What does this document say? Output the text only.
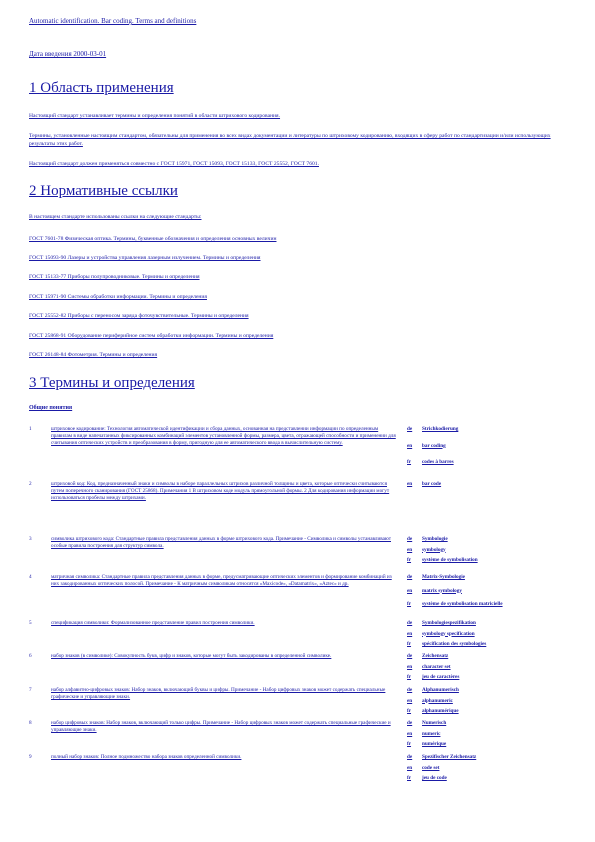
Automatic identification. Bar coding. Terms and definitions
Дата введения 2000-03-01
1 Область применения
Настоящий стандарт устанавливает термины и определения понятий в области штрихового кодирования.
Термины, установленные настоящим стандартом, обязательны для применения во всех видах документации и литературы по штриховому кодированию, входящих в сферу работ по стандартизации и/или использующих результаты этих работ.
Настоящий стандарт должен применяться совместно с ГОСТ 15971, ГОСТ 15093, ГОСТ 15133, ГОСТ 25552, ГОСТ 7601.
2 Нормативные ссылки
В настоящем стандарте использованы ссылки на следующие стандарты:
ГОСТ 7601-78 Физическая оптика. Термины, буквенные обозначения и определения основных величин
ГОСТ 15093-90 Лазеры и устройства управления лазерным излучением. Термины и определения
ГОСТ 15133-77 Приборы полупроводниковые. Термины и определения
ГОСТ 15971-90 Системы обработки информации. Термины и определения
ГОСТ 25552-82 Приборы с переносом заряда фоточувствительные. Термины и определения
ГОСТ 25868-91 Оборудование периферийное систем обработки информации. Термины и определения
ГОСТ 26148-84 Фотометрия. Термины и определения
3 Термины и определения
Общие понятия
1	штриховое кодирование: Технология автоматической идентификации и сбора данных, основанная на представлении информации по определенным правилам в виде напечатанных фиксированных комбинаций элементов установленной формы, размера, цвета, отражающей способности и применении для считывания оптических устройств и преобразования в форму, пригодную для ее автоматического ввода в вычислительную систему.
de Strichkodierung
en bar coding
fr codes à barres
2	штриховой код: Код, предназначенный знаки и символы в наборе параллельных штрихов различной толщины и цвета, которые оптически считываются путем поперечного сканирования (ГОСТ 25868). Примечания 1 В штриховом коде модуль прямоугольной формы. 2 Для кодирования информации могут использоваться пробелы между штрихами.
en bar code
3	символика штрихового кода: Стандартные правила представления данных в форме штрихового кода. Примечание - Символика и символы устанавливают особые правила построения для структур символа.
de Symbologie
en symbology
fr système de symbolisation
4	матричная символика: Стандартные правила представления данных в форме, предусматривающие оптических элементов и формирование комбинаций из них закодированных оптических полосой. Примечание - К матричным символикам относятся «Maxicode», «Datamatrix», «Aztec» и др.
de Matrix-Symbologie
en matrix symbology
fr système de symbolisation matricielle
5	спецификация символики: Формализованное представление правил построения символики.	de Symbologiespezifikation
en symbology specification
fr spécification des symbologies
6	набор знаков (в символике): Совокупность букв, цифр и знаков, которые могут быть закодированы в определенной символике.	de Zeichensatz
en character set
fr jeu de caractères
7	набор алфавитно-цифровых знаков: Набор знаков, включающий буквы и цифры. Примечание - Набор цифровых знаков может содержать специальные графические и управляющие знаки.
de Alphanumerisch
en alphanumeric
fr alphanumérique
8	набор цифровых знаков: Набор знаков, включающий только цифры. Примечание - Набор цифровых знаков может содержать специальные графические и управляющие знаки.
de Numerisch
en numeric
fr numérique
9	полный набор знаков: Полное подмножество набора знаков определенной символики.	de Spezifischer Zeichensatz
en code set
fr jeu de code
